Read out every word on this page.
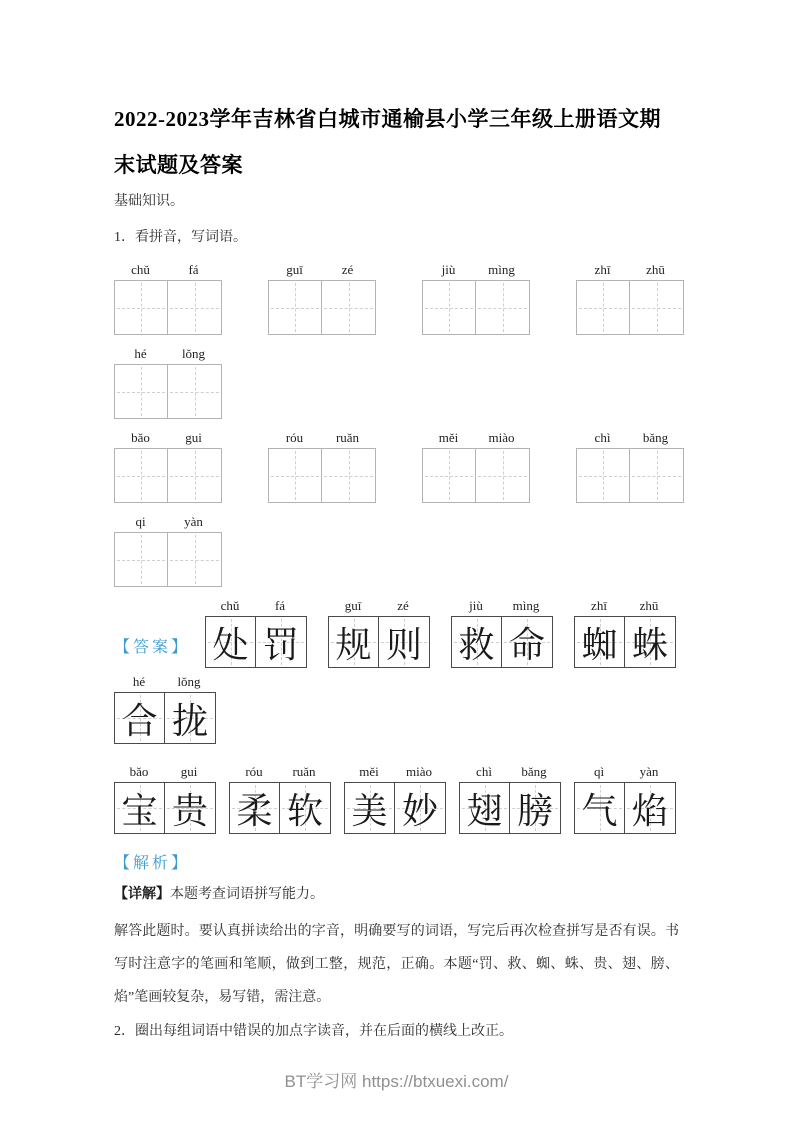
2022-2023学年吉林省白城市通榆县小学三年级上册语文期末试题及答案

基础知识。

1．看拼音，写词语。

chǔ	fá	guī	zé	jiù	mìng	zhī	zhū
hé	lǒng
bǎo	gui	róu	ruǎn	měi	miào	chì	bǎng
qi	yàn
【答案】
chǔ	fá
处 罚
guī	zé
规 则
jiù	mìng
救 命
zhī	zhū
蜘 蛛
hé	lǒng
合 拢
bǎo	gui
宝 贵
róu	ruǎn
柔 软
měi	miào
美 妙
chì	bǎng
翅 膀
qì	yàn
气 焰
【解析】

【详解】本题考查词语拼写能力。

解答此题时。要认真拼读给出的字音，明确要写的词语，写完后再次检查拼写是否有误。书写时注意字的笔画和笔顺，做到工整，规范，正确。本题“罚、救、蜘、蛛、贵、翅、膀、焰”笔画较复杂，易写错，需注意。

2．圈出每组词语中错误的加点字读音，并在后面的横线上改正。

BT学习网 https://btxuexi.com/
